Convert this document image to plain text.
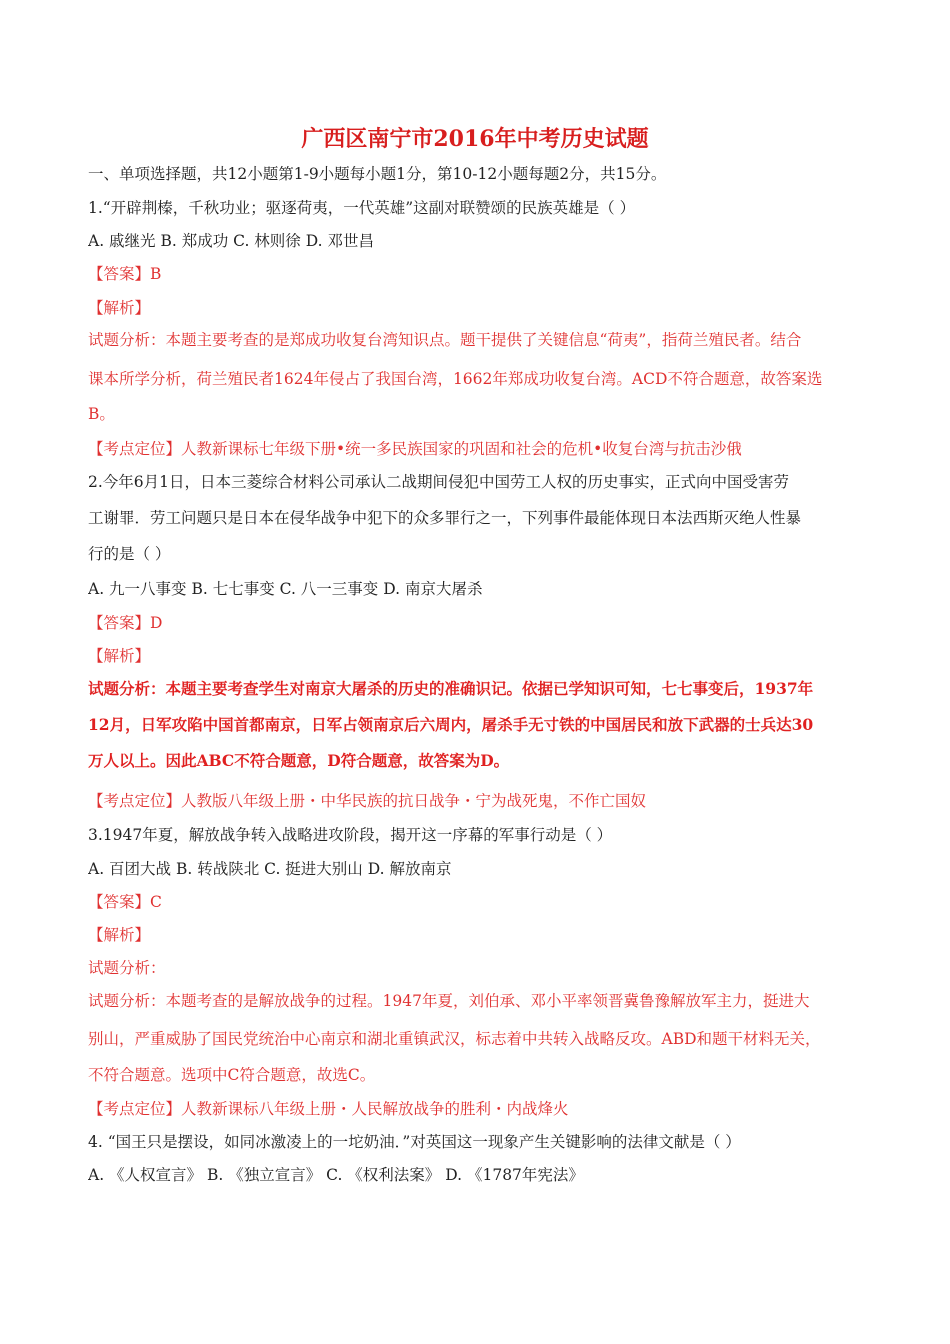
广西区南宁市2016年中考历史试题
一、单项选择题，共12小题第1-9小题每小题1分，第10-12小题每题2分，共15分。
1.“开辟荆榛，千秋功业；驱逐荷夷，一代英雄”这副对联赞颂的民族英雄是（ ）
A. 戚继光 B. 郑成功 C. 林则徐 D. 邓世昌
【答案】B
【解析】
试题分析：本题主要考查的是郑成功收复台湾知识点。题干提供了关键信息“荷夷”，指荷兰殖民者。结合
课本所学分析，荷兰殖民者1624年侵占了我国台湾，1662年郑成功收复台湾。ACD不符合题意，故答案选
B。
【考点定位】人教新课标七年级下册•统一多民族国家的巩固和社会的危机•收复台湾与抗击沙俄
2.今年6月1日，日本三菱综合材料公司承认二战期间侵犯中国劳工人权的历史事实，正式向中国受害劳
工谢罪．劳工问题只是日本在侵华战争中犯下的众多罪行之一，下列事件最能体现日本法西斯灭绝人性暴
行的是（ ）
A. 九一八事变 B. 七七事变 C. 八一三事变 D. 南京大屠杀
【答案】D
【解析】
试题分析：本题主要考查学生对南京大屠杀的历史的准确识记。依据已学知识可知，七七事变后，1937年
12月，日军攻陷中国首都南京，日军占领南京后六周内，屠杀手无寸铁的中国居民和放下武器的士兵达30
万人以上。因此ABC不符合题意，D符合题意，故答案为D。
【考点定位】人教版八年级上册・中华民族的抗日战争・宁为战死鬼，不作亡国奴
3.1947年夏，解放战争转入战略进攻阶段，揭开这一序幕的军事行动是（ ）
A. 百团大战 B. 转战陕北 C. 挺进大别山 D. 解放南京
【答案】C
【解析】
试题分析：
试题分析：本题考查的是解放战争的过程。1947年夏，刘伯承、邓小平率领晋冀鲁豫解放军主力，挺进大
别山，严重威胁了国民党统治中心南京和湖北重镇武汉，标志着中共转入战略反攻。ABD和题干材料无关，
不符合题意。选项中C符合题意，故选C。
【考点定位】人教新课标八年级上册・人民解放战争的胜利・内战烽火
4. “国王只是摆设，如同冰激凌上的一坨奶油．”对英国这一现象产生关键影响的法律文献是（ ）
A. 《人权宣言》 B. 《独立宣言》 C. 《权利法案》 D. 《1787年宪法》
